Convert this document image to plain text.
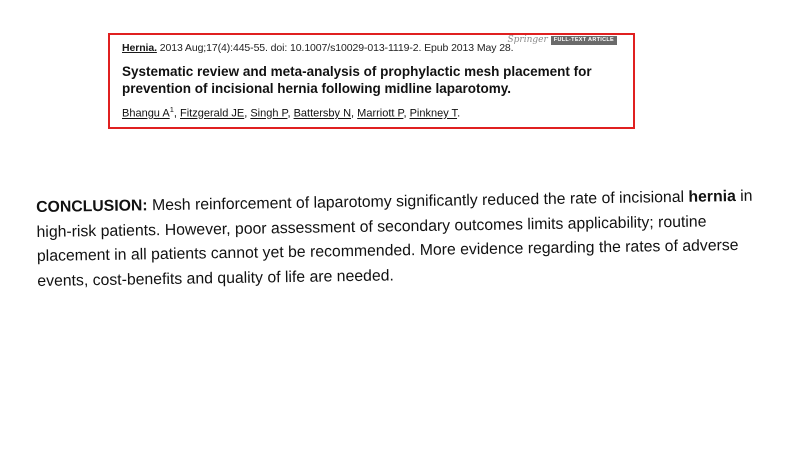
Hernia. 2013 Aug;17(4):445-55. doi: 10.1007/s10029-013-1119-2. Epub 2013 May 28.
Springer	FULL-TEXT ARTICLE
Systematic review and meta-analysis of prophylactic mesh placement for prevention of incisional hernia following midline laparotomy.
Bhangu $A^1$, Fitzgerald JE, Singh P, Battersby N, Marriott P, Pinkney T.

CONCLUSION: Mesh reinforcement of laparotomy significantly reduced the rate of incisional hernia in high-risk patients. However, poor assessment of secondary outcomes limits applicability; routine placement in all patients cannot yet be recommended. More evidence regarding the rates of adverse events, cost-benefits and quality of life are needed.
